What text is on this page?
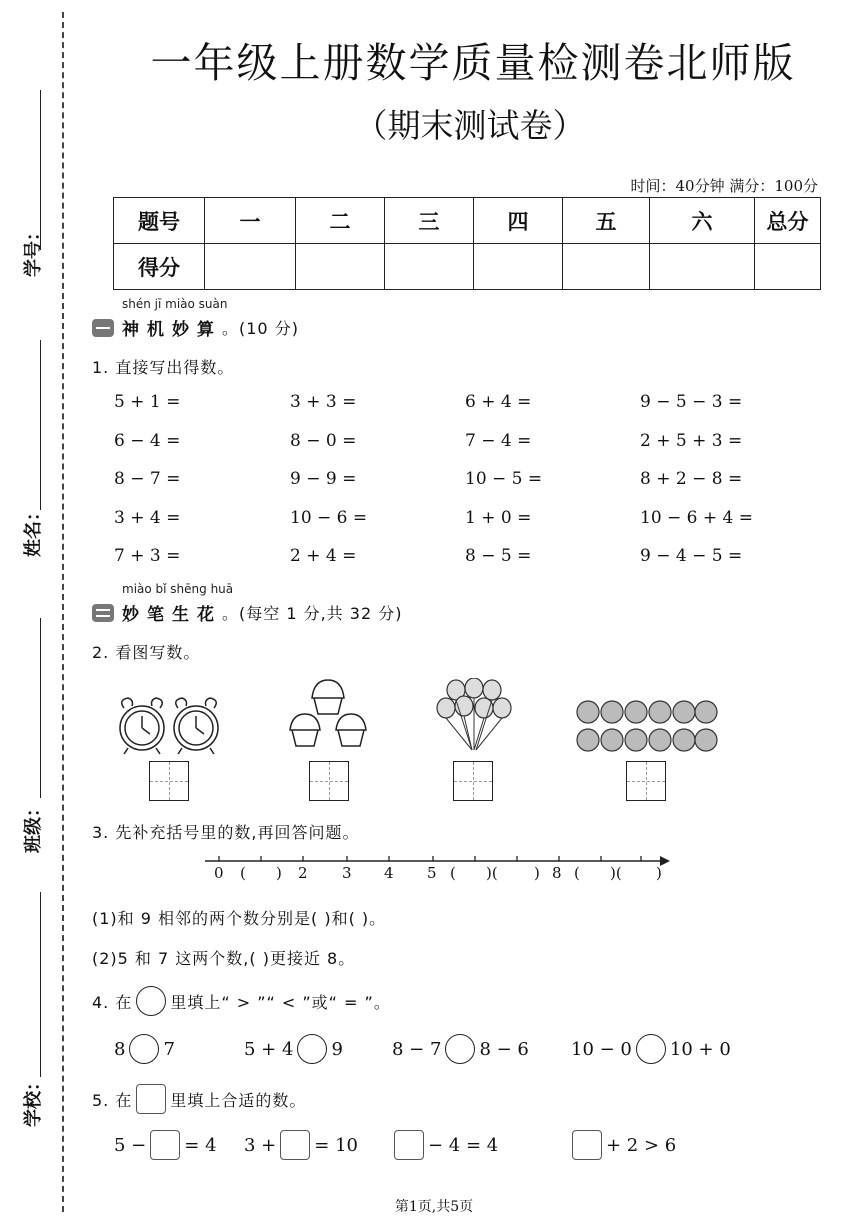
学号：
姓名：
班级：
学校：
一年级上册数学质量检测卷北师版
（期末测试卷）
时间：40分钟 满分：100分
题号	一	二	三	四	五	六	总分
得分							
shén jī miào suàn
神机妙算 。(10 分)
1. 直接写出得数。
5 + 1 =	3 + 3 =	6 + 4 =	9 − 5 − 3 =
6 − 4 =	8 − 0 =	7 − 4 =	2 + 5 + 3 =
8 − 7 =	9 − 9 =	10 − 5 =	8 + 2 − 8 =
3 + 4 =	10 − 6 =	1 + 0 =	10 − 6 + 4 =
7 + 3 =	2 + 4 =	8 − 5 =	9 − 4 − 5 =
miào bǐ shēng huā
妙笔生花 。(每空 1 分,共 32 分)
2. 看图写数。
3. 先补充括号里的数,再回答问题。
0 ( ) 2 3 4 5 ( )( ) 8 ( )( )
(1)和 9 相邻的两个数分别是( )和( )。
(2)5 和 7 这两个数,( )更接近 8。
4. 在 里填上“ > ”“ < ”或“ = ”。
8 7	5 + 4 9	8 − 7 8 − 6 10 − 0 10 + 0
5. 在 里填上合适的数。
5 − = 4 3 + = 10	− 4 = 4	+ 2 > 6
第1页,共5页
